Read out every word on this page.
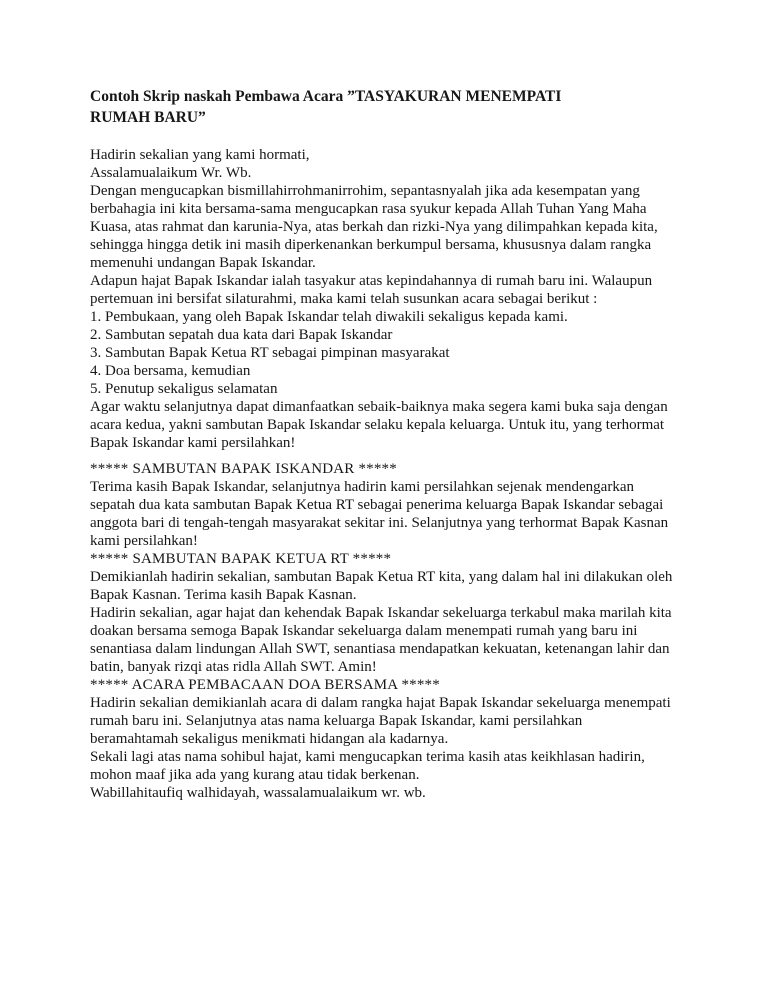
Contoh Skrip naskah Pembawa Acara ”TASYAKURAN MENEMPATI
RUMAH BARU”
Hadirin sekalian yang kami hormati,
Assalamualaikum Wr. Wb.
Dengan mengucapkan bismillahirrohmanirrohim, sepantasnyalah jika ada kesempatan yang
berbahagia ini kita bersama-sama mengucapkan rasa syukur kepada Allah Tuhan Yang Maha
Kuasa, atas rahmat dan karunia-Nya, atas berkah dan rizki-Nya yang dilimpahkan kepada kita,
sehingga hingga detik ini masih diperkenankan berkumpul bersama, khususnya dalam rangka
memenuhi undangan Bapak Iskandar.
Adapun hajat Bapak Iskandar ialah tasyakur atas kepindahannya di rumah baru ini. Walaupun
pertemuan ini bersifat silaturahmi, maka kami telah susunkan acara sebagai berikut :
1. Pembukaan, yang oleh Bapak Iskandar telah diwakili sekaligus kepada kami.
2. Sambutan sepatah dua kata dari Bapak Iskandar
3. Sambutan Bapak Ketua RT sebagai pimpinan masyarakat
4. Doa bersama, kemudian
5. Penutup sekaligus selamatan
Agar waktu selanjutnya dapat dimanfaatkan sebaik-baiknya maka segera kami buka saja dengan
acara kedua, yakni sambutan Bapak Iskandar selaku kepala keluarga. Untuk itu, yang terhormat
Bapak Iskandar kami persilahkan!
***** SAMBUTAN BAPAK ISKANDAR *****
Terima kasih Bapak Iskandar, selanjutnya hadirin kami persilahkan sejenak mendengarkan
sepatah dua kata sambutan Bapak Ketua RT sebagai penerima keluarga Bapak Iskandar sebagai
anggota bari di tengah-tengah masyarakat sekitar ini. Selanjutnya yang terhormat Bapak Kasnan
kami persilahkan!
***** SAMBUTAN BAPAK KETUA RT *****
Demikianlah hadirin sekalian, sambutan Bapak Ketua RT kita, yang dalam hal ini dilakukan oleh
Bapak Kasnan. Terima kasih Bapak Kasnan.
Hadirin sekalian, agar hajat dan kehendak Bapak Iskandar sekeluarga terkabul maka marilah kita
doakan bersama semoga Bapak Iskandar sekeluarga dalam menempati rumah yang baru ini
senantiasa dalam lindungan Allah SWT, senantiasa mendapatkan kekuatan, ketenangan lahir dan
batin, banyak rizqi atas ridla Allah SWT. Amin!
***** ACARA PEMBACAAN DOA BERSAMA *****
Hadirin sekalian demikianlah acara di dalam rangka hajat Bapak Iskandar sekeluarga menempati
rumah baru ini. Selanjutnya atas nama keluarga Bapak Iskandar, kami persilahkan
beramahtamah sekaligus menikmati hidangan ala kadarnya.
Sekali lagi atas nama sohibul hajat, kami mengucapkan terima kasih atas keikhlasan hadirin,
mohon maaf jika ada yang kurang atau tidak berkenan.
Wabillahitaufiq walhidayah, wassalamualaikum wr. wb.
